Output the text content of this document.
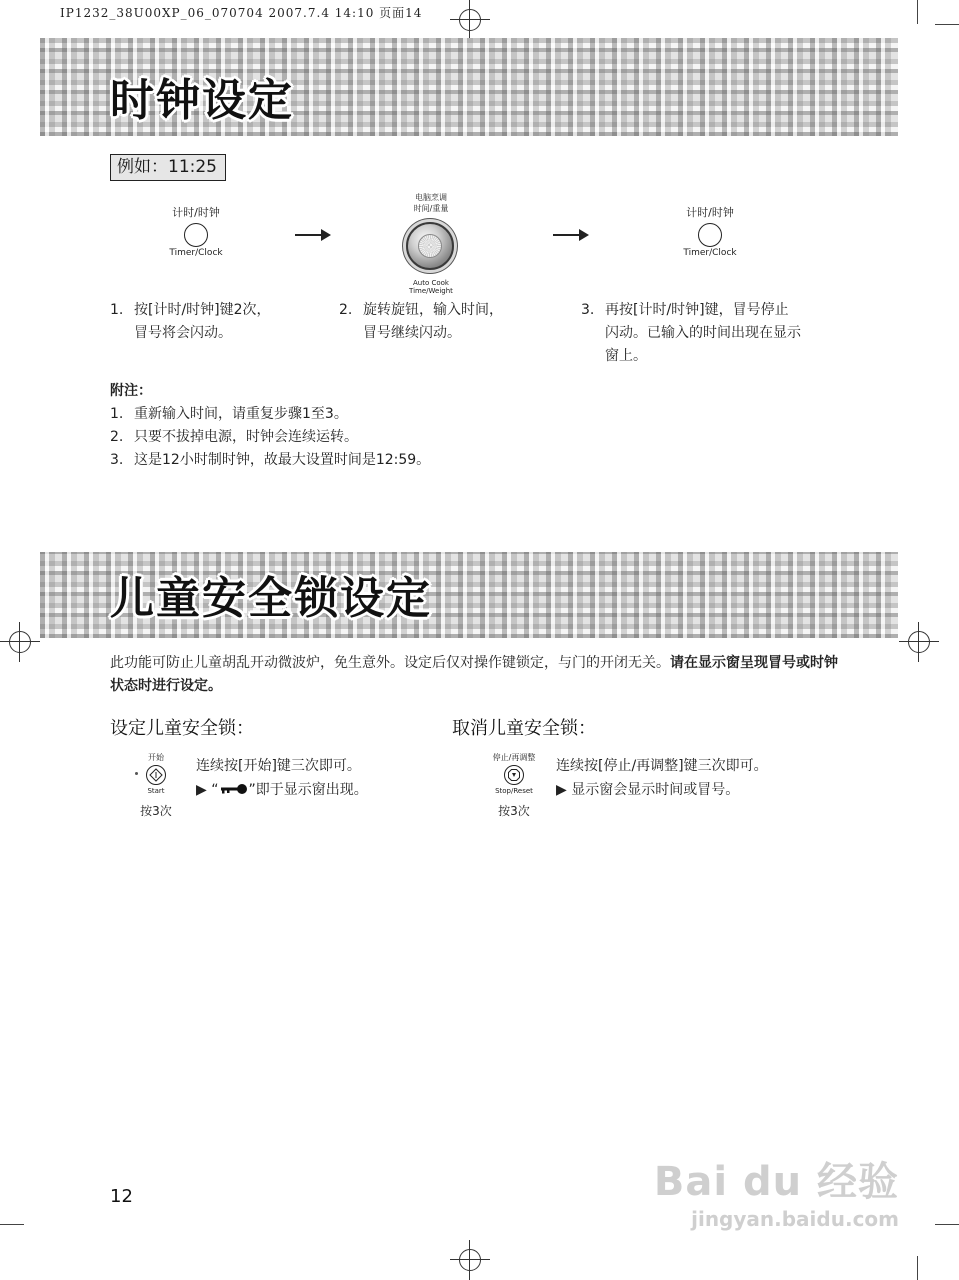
IP1232_38U00XP_06_070704 2007.7.4 14:10 页面14
时钟设定
例如：11:25
计时/时钟
Timer/Clock
电脑烹调
时间/重量
Auto Cook
Time/Weight
计时/时钟
Timer/Clock
1. 按[计时/时钟]键2次，
冒号将会闪动。
2. 旋转旋钮，输入时间，
冒号继续闪动。
3. 再按[计时/时钟]键，冒号停止
闪动。已输入的时间出现在显示
窗上。
附注：
1. 重新输入时间，请重复步骤1至3。
2. 只要不拔掉电源，时钟会连续运转。
3. 这是12小时制时钟，故最大设置时间是12:59。
儿童安全锁设定
此功能可防止儿童胡乱开动微波炉，免生意外。设定后仅对操作键锁定，与门的开闭无关。请在显示窗呈现冒号或时钟状态时进行设定。
设定儿童安全锁：
开始
Start
按3次
连续按[开始]键三次即可。
▶ “ ”即于显示窗出现。
取消儿童安全锁：
停止/再调整
Stop/Reset
按3次
连续按[停止/再调整]键三次即可。
▶ 显示窗会显示时间或冒号。
12	Bai du 经验
jingyan.baidu.com
